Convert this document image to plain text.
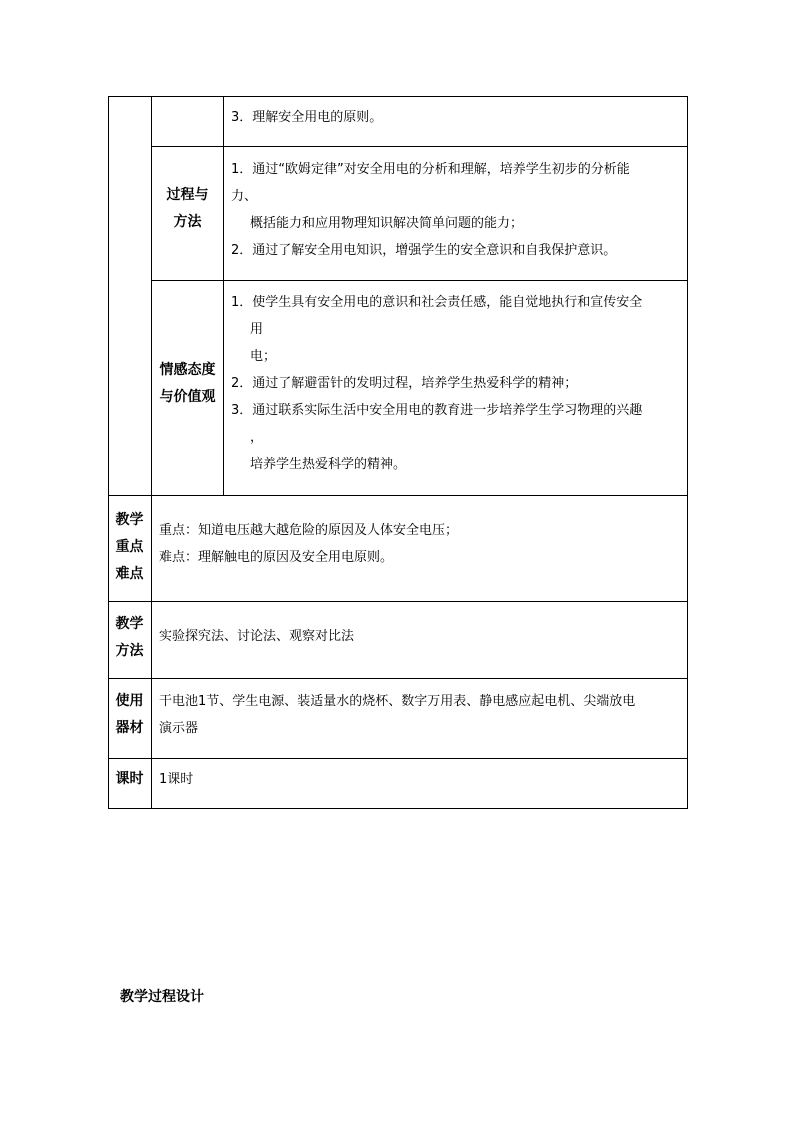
3．理解安全用电的原则。
过程与
方法
1．通过“欧姆定律”对安全用电的分析和理解，培养学生初步的分析能
力、
概括能力和应用物理知识解决简单问题的能力；
2．通过了解安全用电知识，增强学生的安全意识和自我保护意识。
情感态度
与价值观
1．使学生具有安全用电的意识和社会责任感，能自觉地执行和宣传安全
用
电；
2．通过了解避雷针的发明过程，培养学生热爱科学的精神；
3．通过联系实际生活中安全用电的教育进一步培养学生学习物理的兴趣
，
培养学生热爱科学的精神。
教学
重点
难点
重点：知道电压越大越危险的原因及人体安全电压；
难点：理解触电的原因及安全用电原则。
教学
方法
实验探究法、讨论法、观察对比法
使用
器材
干电池1节、学生电源、装适量水的烧杯、数字万用表、静电感应起电机、尖端放电
演示器
课时	1课时
教学过程设计
